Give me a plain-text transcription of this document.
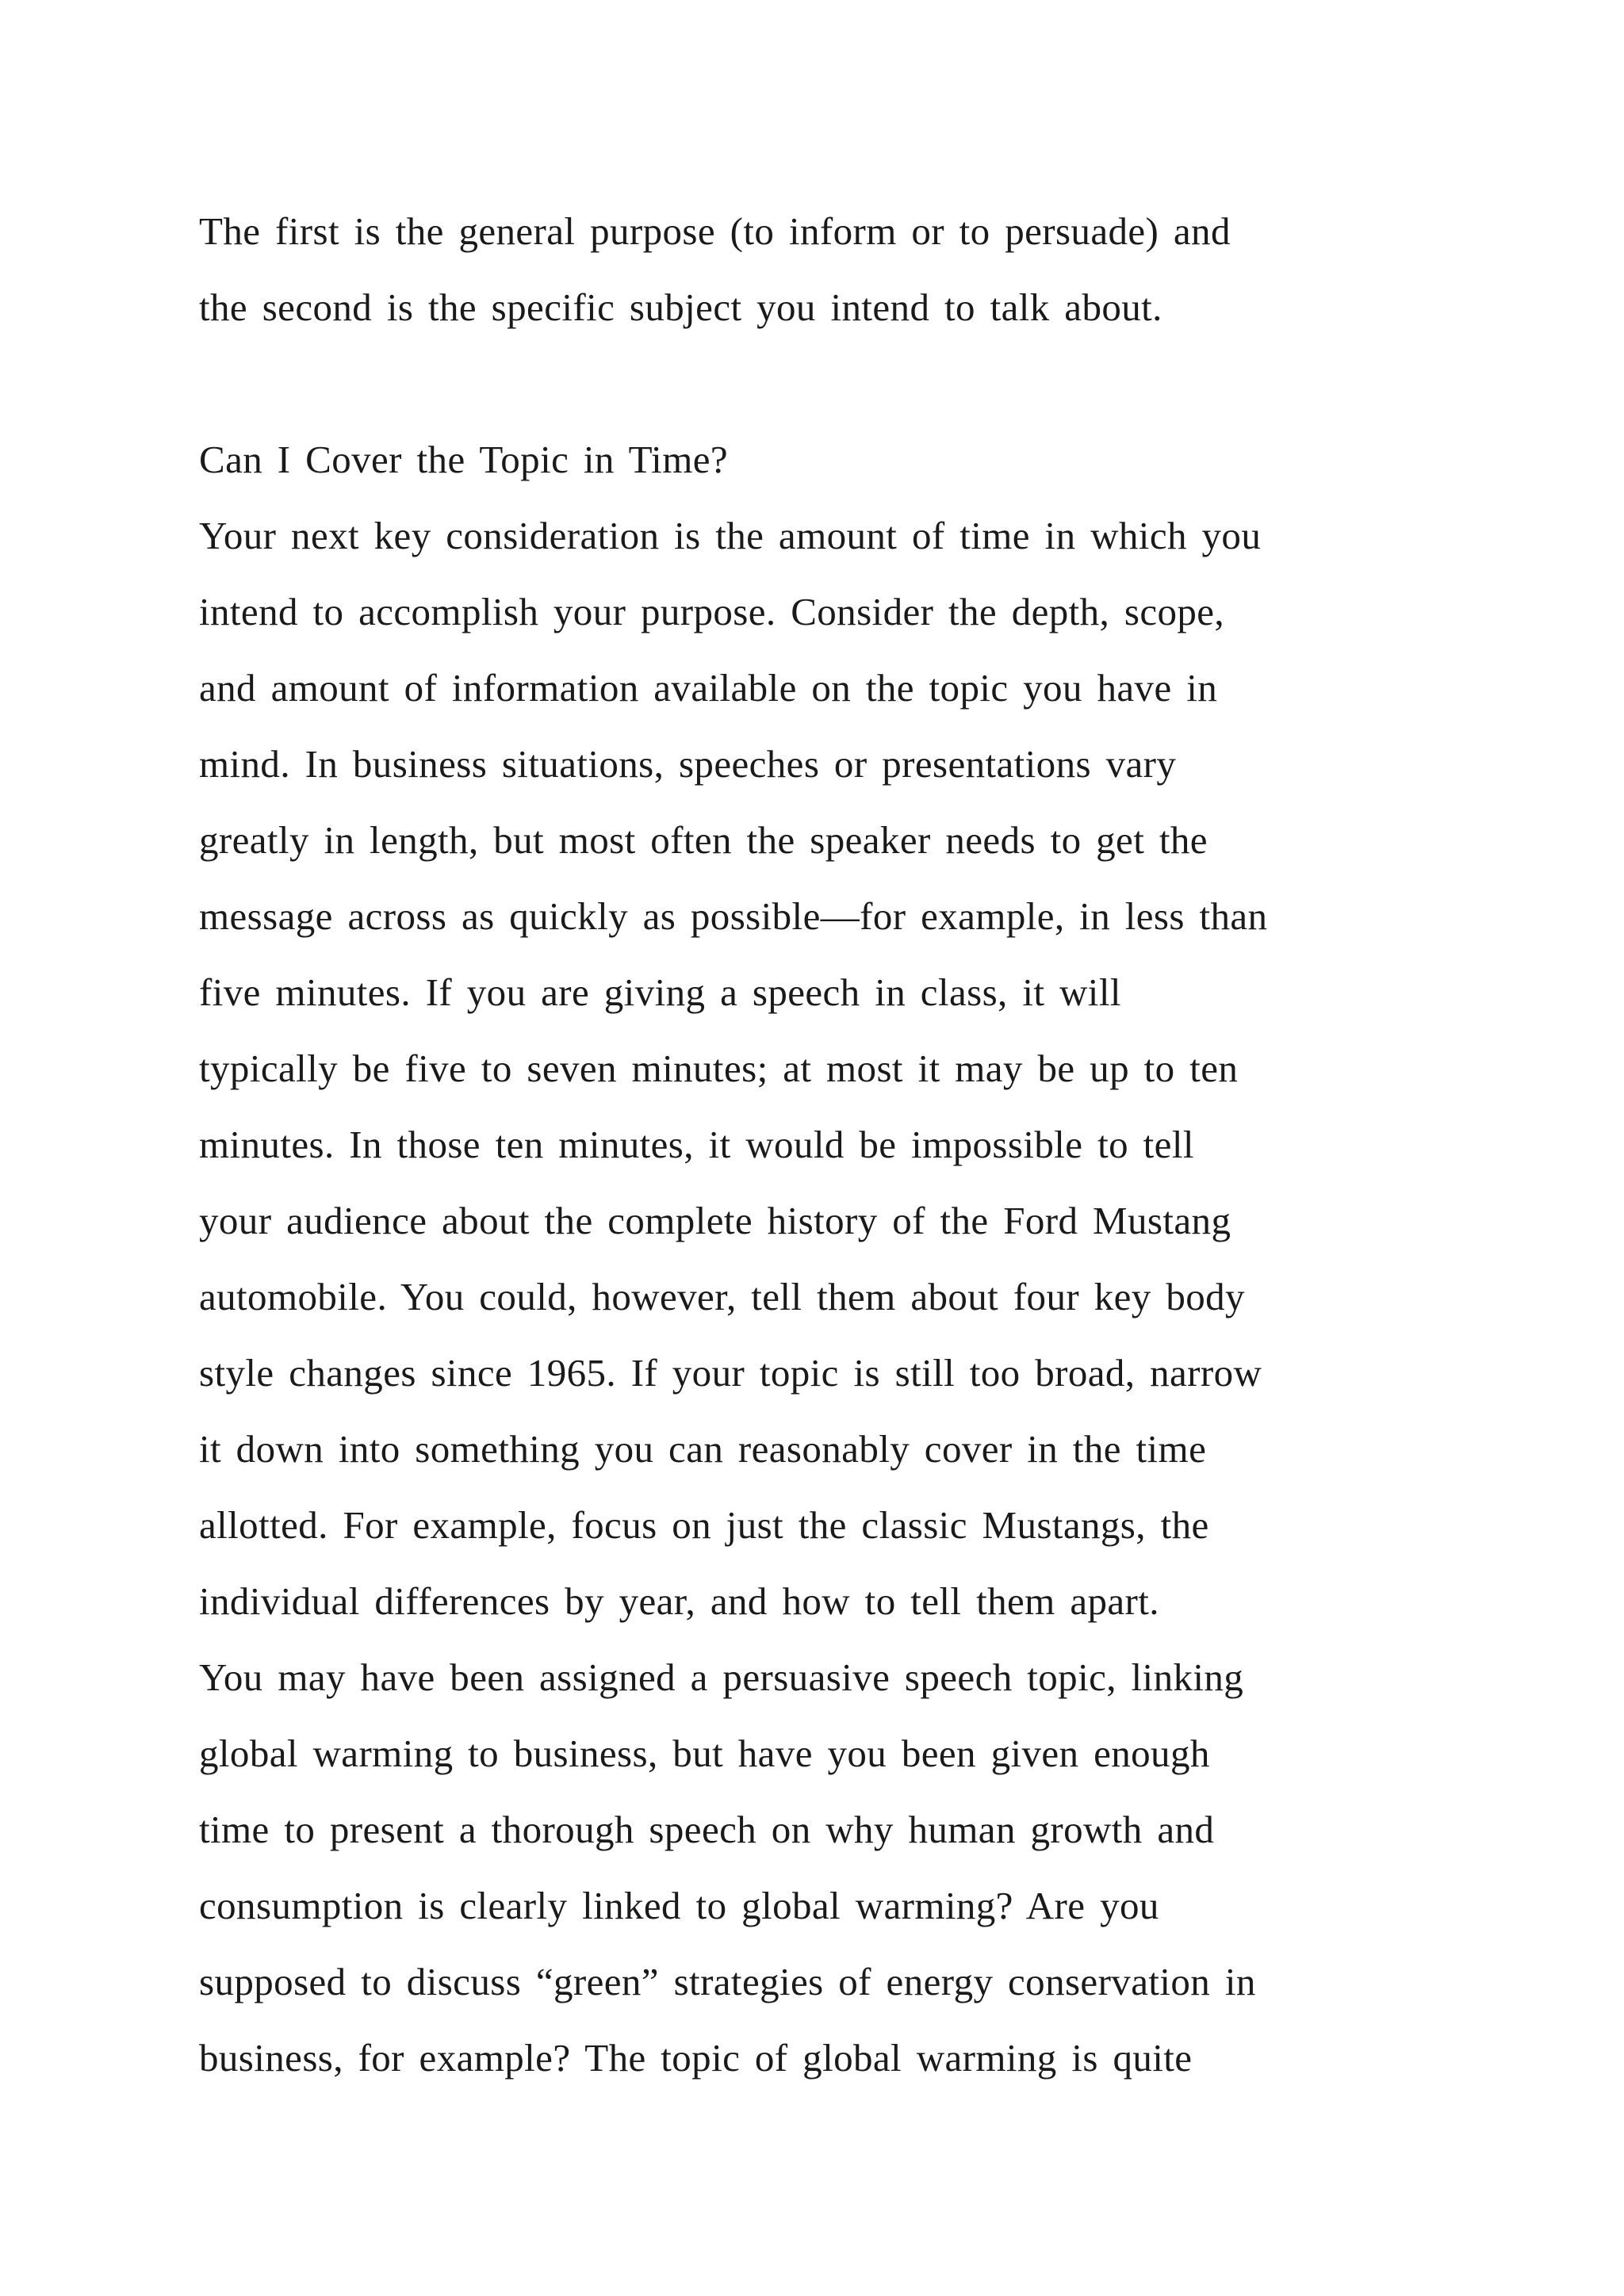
The first is the general purpose (to inform or to persuade) and
the second is the specific subject you intend to talk about.
Can I Cover the Topic in Time?
Your next key consideration is the amount of time in which you
intend to accomplish your purpose. Consider the depth, scope,
and amount of information available on the topic you have in
mind. In business situations, speeches or presentations vary
greatly in length, but most often the speaker needs to get the
message across as quickly as possible—for example, in less than
five minutes. If you are giving a speech in class, it will
typically be five to seven minutes; at most it may be up to ten
minutes. In those ten minutes, it would be impossible to tell
your audience about the complete history of the Ford Mustang
automobile. You could, however, tell them about four key body
style changes since 1965. If your topic is still too broad, narrow
it down into something you can reasonably cover in the time
allotted. For example, focus on just the classic Mustangs, the
individual differences by year, and how to tell them apart.
You may have been assigned a persuasive speech topic, linking
global warming to business, but have you been given enough
time to present a thorough speech on why human growth and
consumption is clearly linked to global warming? Are you
supposed to discuss “green” strategies of energy conservation in
business, for example? The topic of global warming is quite
